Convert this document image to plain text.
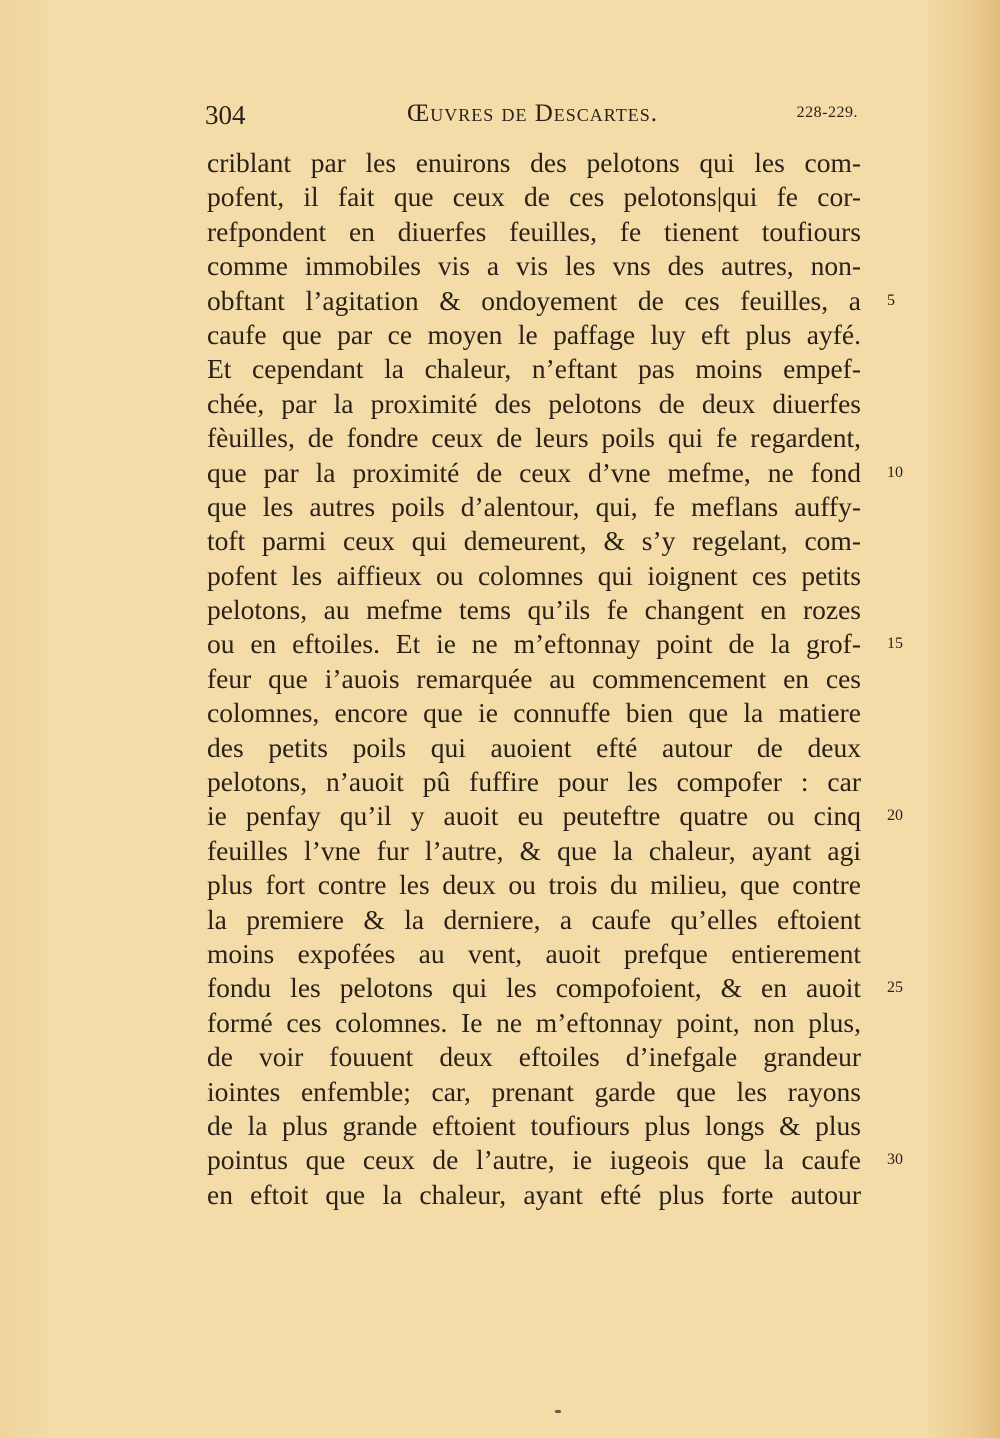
304	Œuvres de Descartes.	228-229.
criblant par les enuirons des pelotons qui les com-
pofent, il fait que ceux de ces pelotons|qui fe cor-
refpondent en diuerfes feuilles, fe tienent toufiours
comme immobiles vis a vis les vns des autres, non-
obftant l’agitation & ondoyement de ces feuilles, a 5
caufe que par ce moyen le paffage luy eft plus ayfé.
Et cependant la chaleur, n’eftant pas moins empef-
chée, par la proximité des pelotons de deux diuerfes
fèuilles, de fondre ceux de leurs poils qui fe regardent,
que par la proximité de ceux d’vne mefme, ne fond 10
que les autres poils d’alentour, qui, fe meflans auffy-
toft parmi ceux qui demeurent, & s’y regelant, com-
pofent les aiffieux ou colomnes qui ioignent ces petits
pelotons, au mefme tems qu’ils fe changent en rozes
ou en eftoiles. Et ie ne m’eftonnay point de la grof- 15
feur que i’auois remarquée au commencement en ces
colomnes, encore que ie connuffe bien que la matiere
des petits poils qui auoient efté autour de deux
pelotons, n’auoit pû fuffire pour les compofer : car
ie penfay qu’il y auoit eu peuteftre quatre ou cinq 20
feuilles l’vne fur l’autre, & que la chaleur, ayant agi
plus fort contre les deux ou trois du milieu, que contre
la premiere & la derniere, a caufe qu’elles eftoient
moins expofées au vent, auoit prefque entierement
fondu les pelotons qui les compofoient, & en auoit 25
formé ces colomnes. Ie ne m’eftonnay point, non plus,
de voir fouuent deux eftoiles d’inefgale grandeur
iointes enfemble; car, prenant garde que les rayons
de la plus grande eftoient toufiours plus longs & plus
pointus que ceux de l’autre, ie iugeois que la caufe 30
en eftoit que la chaleur, ayant efté plus forte autour
